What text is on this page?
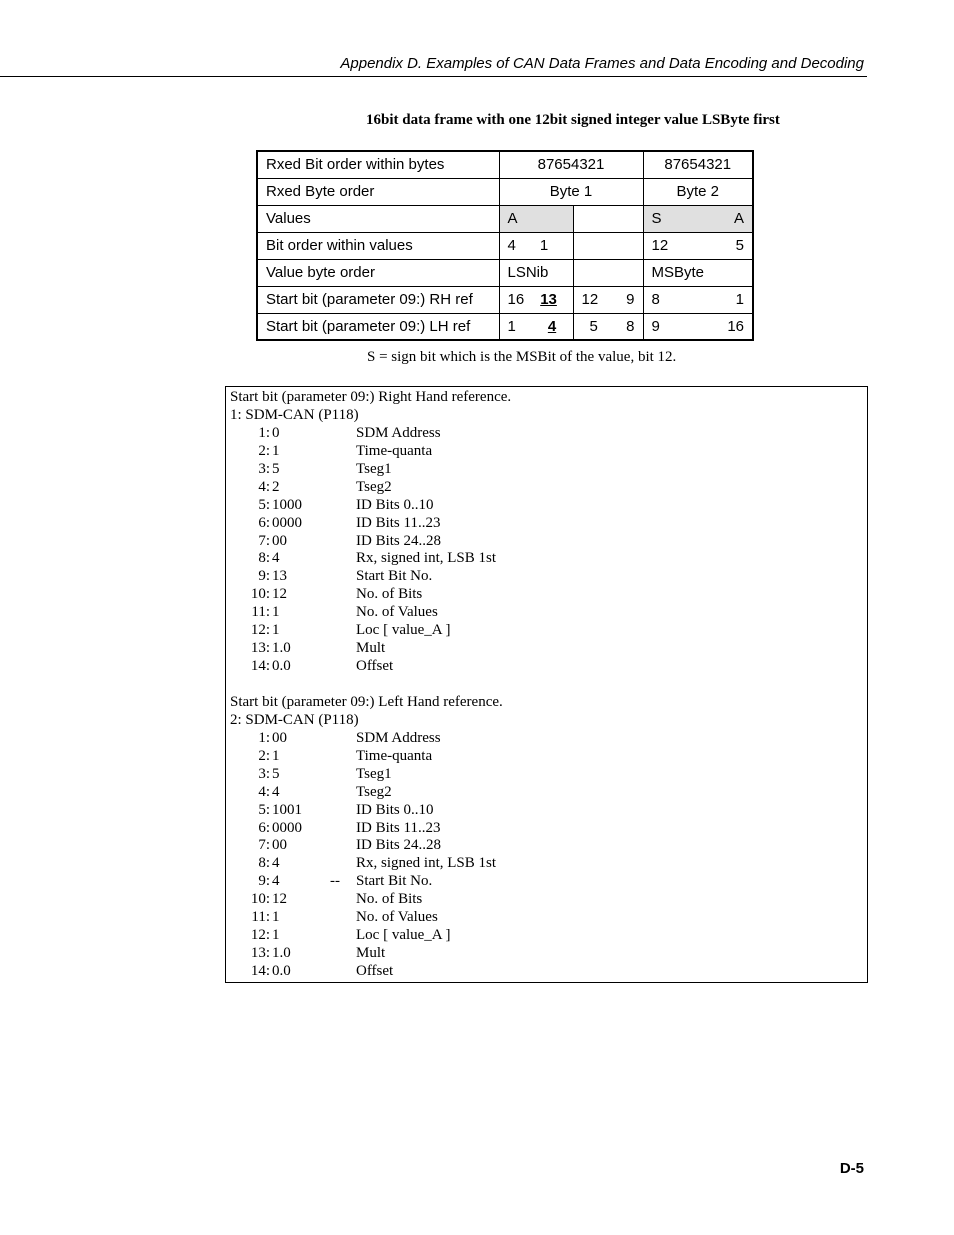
Appendix D. Examples of CAN Data Frames and Data Encoding and Decoding
16bit data frame with one 12bit signed integer value LSByte first
Rxed Bit order within bytes	87654321		87654321
Rxed Byte order	Byte 1		Byte 2
Values	A		S A

Bit order within values	4 1		12 5

Value byte order	LSNib		MSByte
Start bit (parameter 09:) RH ref	16 13	12 9	8 1

Start bit (parameter 09:) LH ref	1 4	5 8	9 16
S = sign bit which is the MSBit of the value, bit 12.
Start bit (parameter 09:) Right Hand reference.
1: SDM-CAN (P118)
1: 0	SDM Address
2: 1	Time-quanta
3: 5	Tseg1
4: 2	Tseg2
5: 1000	ID Bits 0..10
6: 0000	ID Bits 11..23
7: 00	ID Bits 24..28
8: 4	Rx, signed int, LSB 1st
9: 13	Start Bit No.
10: 12	No. of Bits
11: 1	No. of Values
12: 1	Loc [ value_A ]
13: 1.0	Mult
14: 0.0	Offset
Start bit (parameter 09:) Left Hand reference.
2: SDM-CAN (P118)
1: 00	SDM Address
2: 1	Time-quanta
3: 5	Tseg1
4: 4	Tseg2
5: 1001	ID Bits 0..10
6: 0000	ID Bits 11..23
7: 00	ID Bits 24..28
8: 4	Rx, signed int, LSB 1st
9: 4	-- Start Bit No.
10: 12	No. of Bits
11: 1	No. of Values
12: 1	Loc [ value_A ]
13: 1.0	Mult
14: 0.0	Offset
D-5
